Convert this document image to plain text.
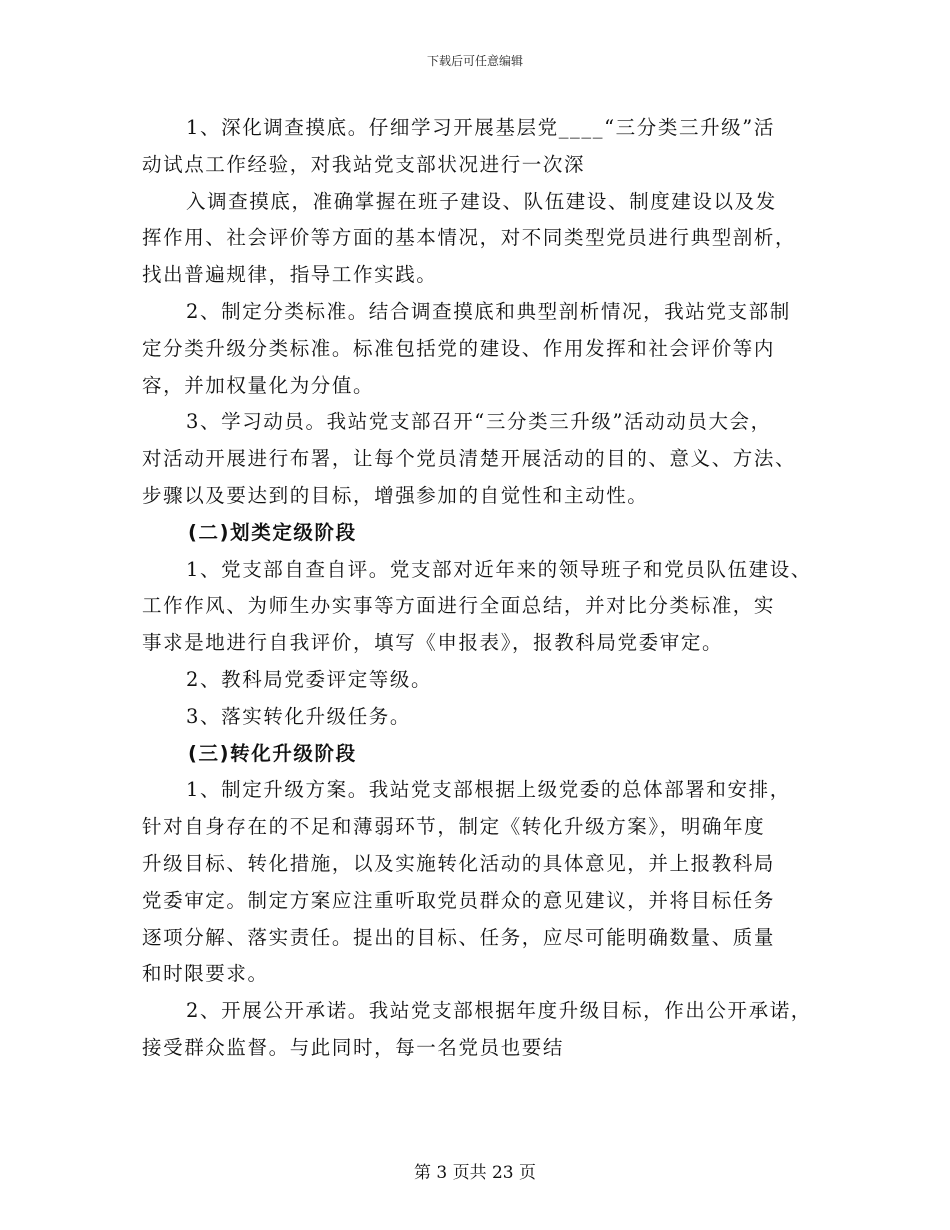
下载后可任意编辑
1、深化调查摸底。仔细学习开展基层党____“三分类三升级”活
动试点工作经验，对我站党支部状况进行一次深
入调查摸底，准确掌握在班子建设、队伍建设、制度建设以及发
挥作用、社会评价等方面的基本情况，对不同类型党员进行典型剖析，
找出普遍规律，指导工作实践。
2、制定分类标准。结合调查摸底和典型剖析情况，我站党支部制
定分类升级分类标准。标准包括党的建设、作用发挥和社会评价等内
容，并加权量化为分值。
3、学习动员。我站党支部召开“三分类三升级”活动动员大会，
对活动开展进行布署，让每个党员清楚开展活动的目的、意义、方法、
步骤以及要达到的目标，增强参加的自觉性和主动性。
(二)划类定级阶段
1、党支部自查自评。党支部对近年来的领导班子和党员队伍建设、
工作作风、为师生办实事等方面进行全面总结，并对比分类标准，实
事求是地进行自我评价，填写《申报表》，报教科局党委审定。
2、教科局党委评定等级。
3、落实转化升级任务。
(三)转化升级阶段
1、制定升级方案。我站党支部根据上级党委的总体部署和安排，
针对自身存在的不足和薄弱环节，制定《转化升级方案》，明确年度
升级目标、转化措施，以及实施转化活动的具体意见，并上报教科局
党委审定。制定方案应注重听取党员群众的意见建议，并将目标任务
逐项分解、落实责任。提出的目标、任务，应尽可能明确数量、质量
和时限要求。
2、开展公开承诺。我站党支部根据年度升级目标，作出公开承诺，
接受群众监督。与此同时，每一名党员也要结
第 3 页共 23 页
